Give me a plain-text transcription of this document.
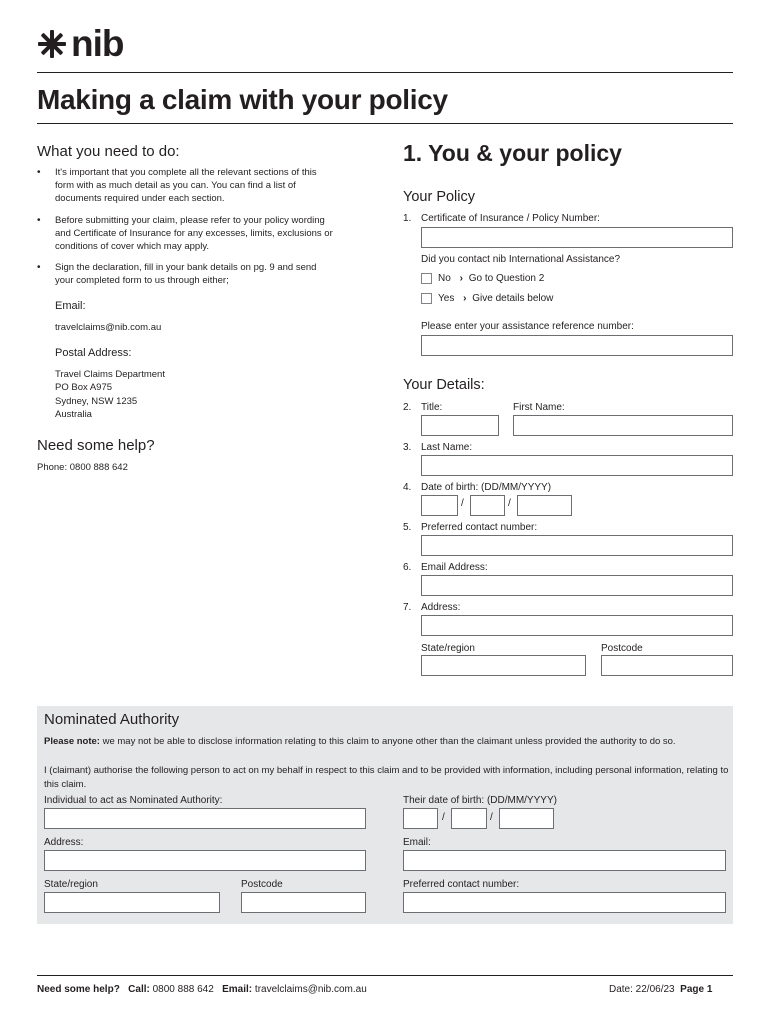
nib
Making a claim with your policy
What you need to do:
• It's important that you complete all the relevant sections of this form with as much detail as you can. You can find a list of documents required under each section.
• Before submitting your claim, please refer to your policy wording and Certificate of Insurance for any excesses, limits, exclusions or conditions of cover which may apply.
• Sign the declaration, fill in your bank details on pg. 9 and send your completed form to us through either;
Email:
travelclaims@nib.com.au
Postal Address:
Travel Claims Department
PO Box A975
Sydney, NSW 1235
Australia
Need some help?
Phone: 0800 888 642
1. You & your policy
Your Policy
1. Certificate of Insurance / Policy Number:
Did you contact nib International Assistance?
No › Go to Question 2
Yes › Give details below
Please enter your assistance reference number:
Your Details:
2. Title:	First Name:
3. Last Name:
4. Date of birth: (DD/MM/YYYY)
/	/
5. Preferred contact number:
6. Email Address:
7. Address:
State/region	Postcode
Nominated Authority
Please note: we may not be able to disclose information relating to this claim to anyone other than the claimant unless provided the authority to do so.
I (claimant) authorise the following person to act on my behalf in respect to this claim and to be provided with information, including personal information, relating to this claim.
Individual to act as Nominated Authority:	Their date of birth: (DD/MM/YYYY)
/	/
Address:	Email:
State/region	Postcode	Preferred contact number:
Need some help? Call: 0800 888 642 Email: travelclaims@nib.com.au	Date: 22/06/23 Page 1
